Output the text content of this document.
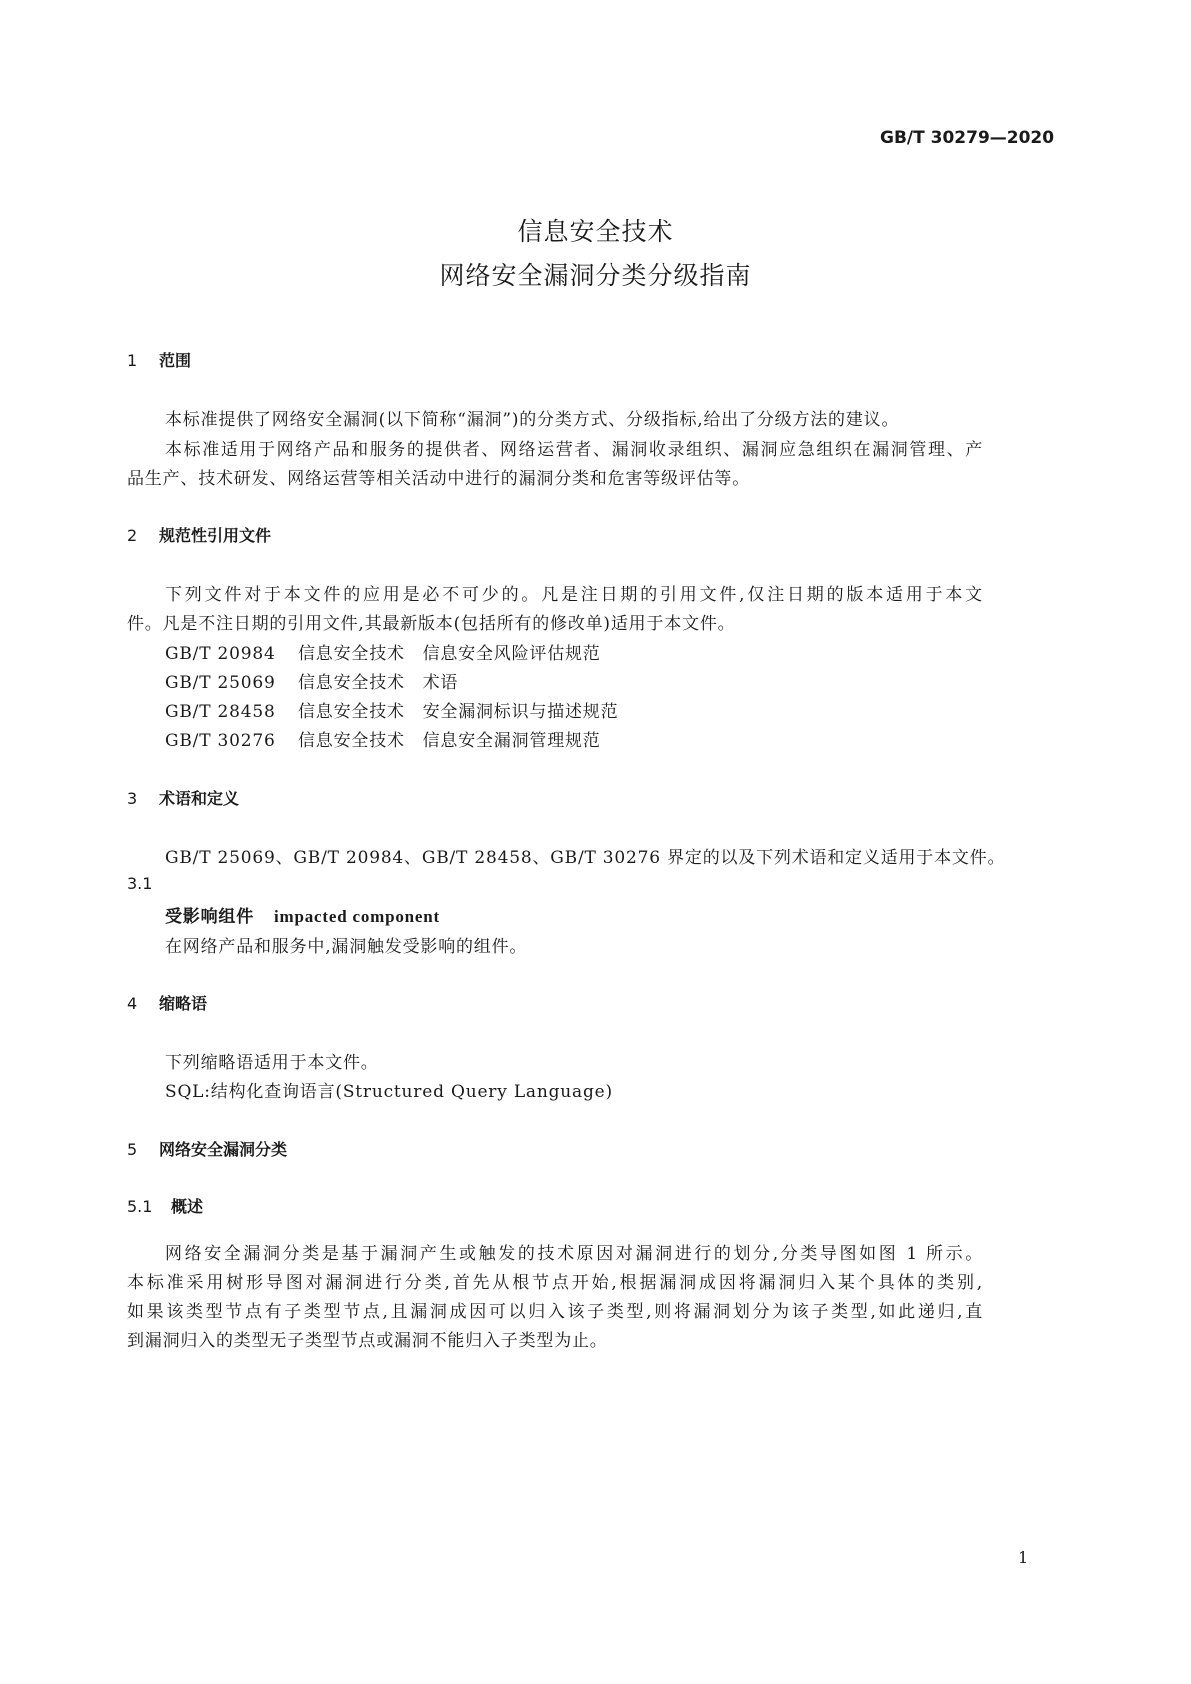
GB/T 30279—2020
信息安全技术
网络安全漏洞分类分级指南
1 范围
本标准提供了网络安全漏洞(以下简称“漏洞”)的分类方式、分级指标,给出了分级方法的建议。
本标准适用于网络产品和服务的提供者、网络运营者、漏洞收录组织、漏洞应急组织在漏洞管理、产
品生产、技术研发、网络运营等相关活动中进行的漏洞分类和危害等级评估等。
2 规范性引用文件
下列文件对于本文件的应用是必不可少的。凡是注日期的引用文件,仅注日期的版本适用于本文
件。凡是不注日期的引用文件,其最新版本(包括所有的修改单)适用于本文件。
GB/T 20984 信息安全技术　信息安全风险评估规范
GB/T 25069 信息安全技术　术语
GB/T 28458 信息安全技术　安全漏洞标识与描述规范
GB/T 30276 信息安全技术　信息安全漏洞管理规范
3 术语和定义
GB/T 25069、GB/T 20984、GB/T 28458、GB/T 30276 界定的以及下列术语和定义适用于本文件。
3.1
受影响组件 impacted component
在网络产品和服务中,漏洞触发受影响的组件。
4 缩略语
下列缩略语适用于本文件。
SQL:结构化查询语言(Structured Query Language)
5 网络安全漏洞分类
5.1 概述
网络安全漏洞分类是基于漏洞产生或触发的技术原因对漏洞进行的划分,分类导图如图 1 所示。
本标准采用树形导图对漏洞进行分类,首先从根节点开始,根据漏洞成因将漏洞归入某个具体的类别,
如果该类型节点有子类型节点,且漏洞成因可以归入该子类型,则将漏洞划分为该子类型,如此递归,直
到漏洞归入的类型无子类型节点或漏洞不能归入子类型为止。
1
